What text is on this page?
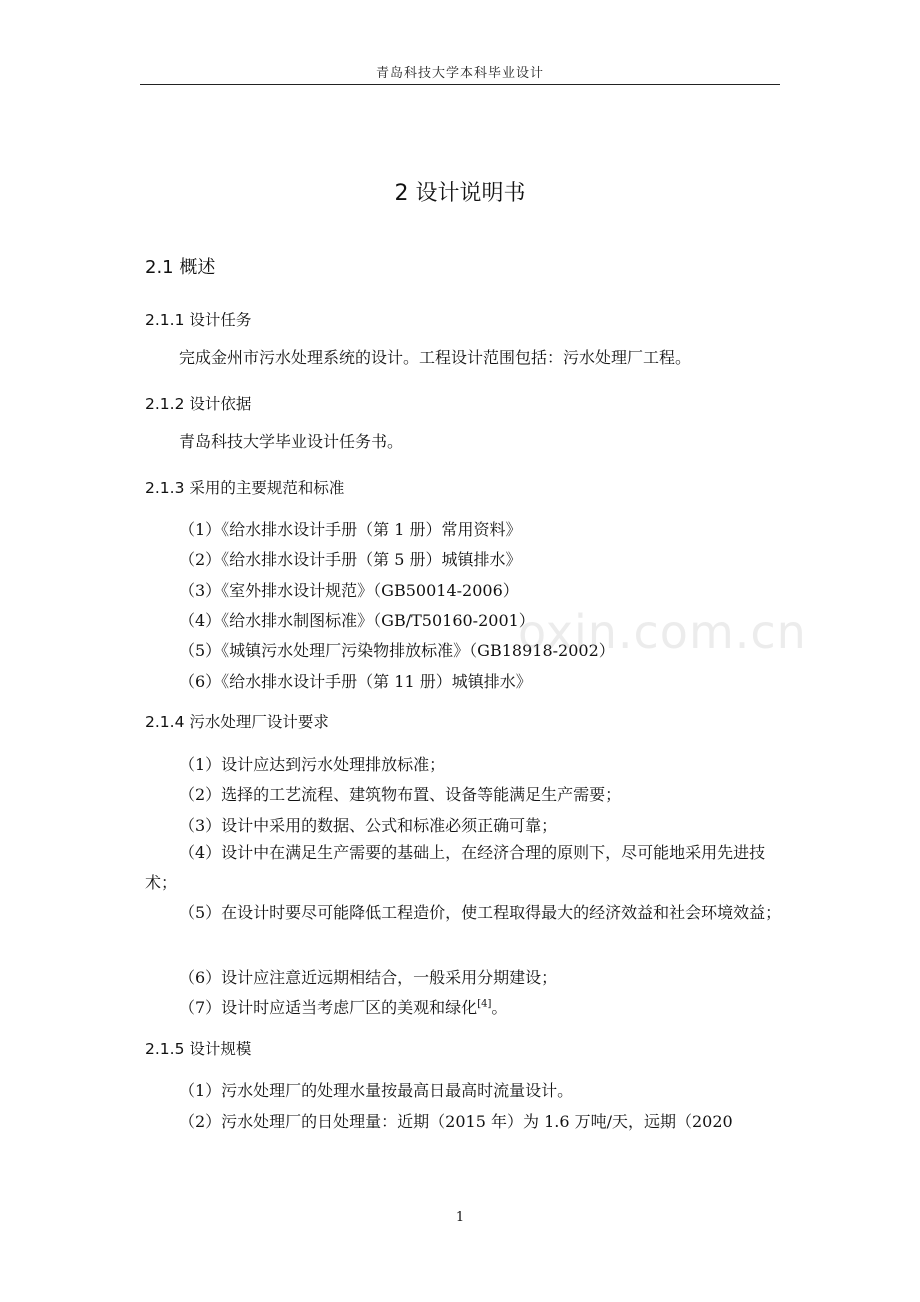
青岛科技大学本科毕业设计
2 设计说明书
2.1 概述
2.1.1 设计任务
完成金州市污水处理系统的设计。工程设计范围包括：污水处理厂工程。
2.1.2 设计依据
青岛科技大学毕业设计任务书。
2.1.3 采用的主要规范和标准
（1）《给水排水设计手册（第 1 册）常用资料》
（2）《给水排水设计手册（第 5 册）城镇排水》
（3）《室外排水设计规范》（GB50014-2006）
（4）《给水排水制图标准》（GB/T50160-2001）
（5）《城镇污水处理厂污染物排放标准》（GB18918-2002）
（6）《给水排水设计手册（第 11 册）城镇排水》
oxin.com.cn
2.1.4 污水处理厂设计要求
（1）设计应达到污水处理排放标准；
（2）选择的工艺流程、建筑物布置、设备等能满足生产需要；
（3）设计中采用的数据、公式和标准必须正确可靠；
（4）设计中在满足生产需要的基础上，在经济合理的原则下，尽可能地采用先进技术；
（5）在设计时要尽可能降低工程造价，使工程取得最大的经济效益和社会环境效益；
（6）设计应注意近远期相结合，一般采用分期建设；
（7）设计时应适当考虑厂区的美观和绿化[4]。
2.1.5 设计规模
（1）污水处理厂的处理水量按最高日最高时流量设计。
（2）污水处理厂的日处理量：近期（2015 年）为 1.6 万吨/天，远期（2020
1
